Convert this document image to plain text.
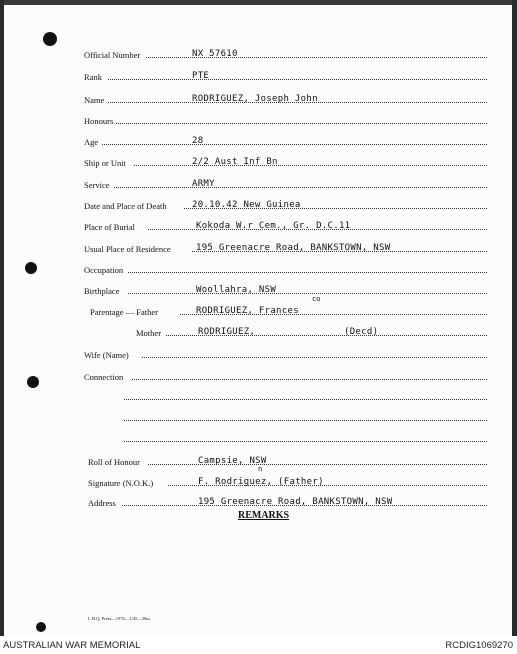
Official Number	NX 57610
Rank	PTE
Name	RODRIGUEZ, Joseph John
Honours
Age	28
Ship or Unit	2/2 Aust Inf Bn
Service	ARMY
Date and Place of Death	20.10.42 New Guinea
Place of Burial	Kokoda W.r Cem., Gr. D.C.11
Usual Place of Residence	195 Greenacre Road, BANKSTOWN, NSW
Occupation
Birthplace	Woollahra, NSW
Parentage — Father	RODRIGUEZ, Frances
co
Mother	RODRIGUEZ,	(Decd)
Wife (Name)
Connection
Roll of Honour	Campsie, NSW
n
Signature (N.O.K.)	F. Rodriguez, (Father)
Address	195 Greenacre Road, BANKSTOWN, NSW
REMARKS
L.H.Q. Press—1976—1/45—30m.
AUSTRALIAN WAR MEMORIAL	RCDIG1069270
